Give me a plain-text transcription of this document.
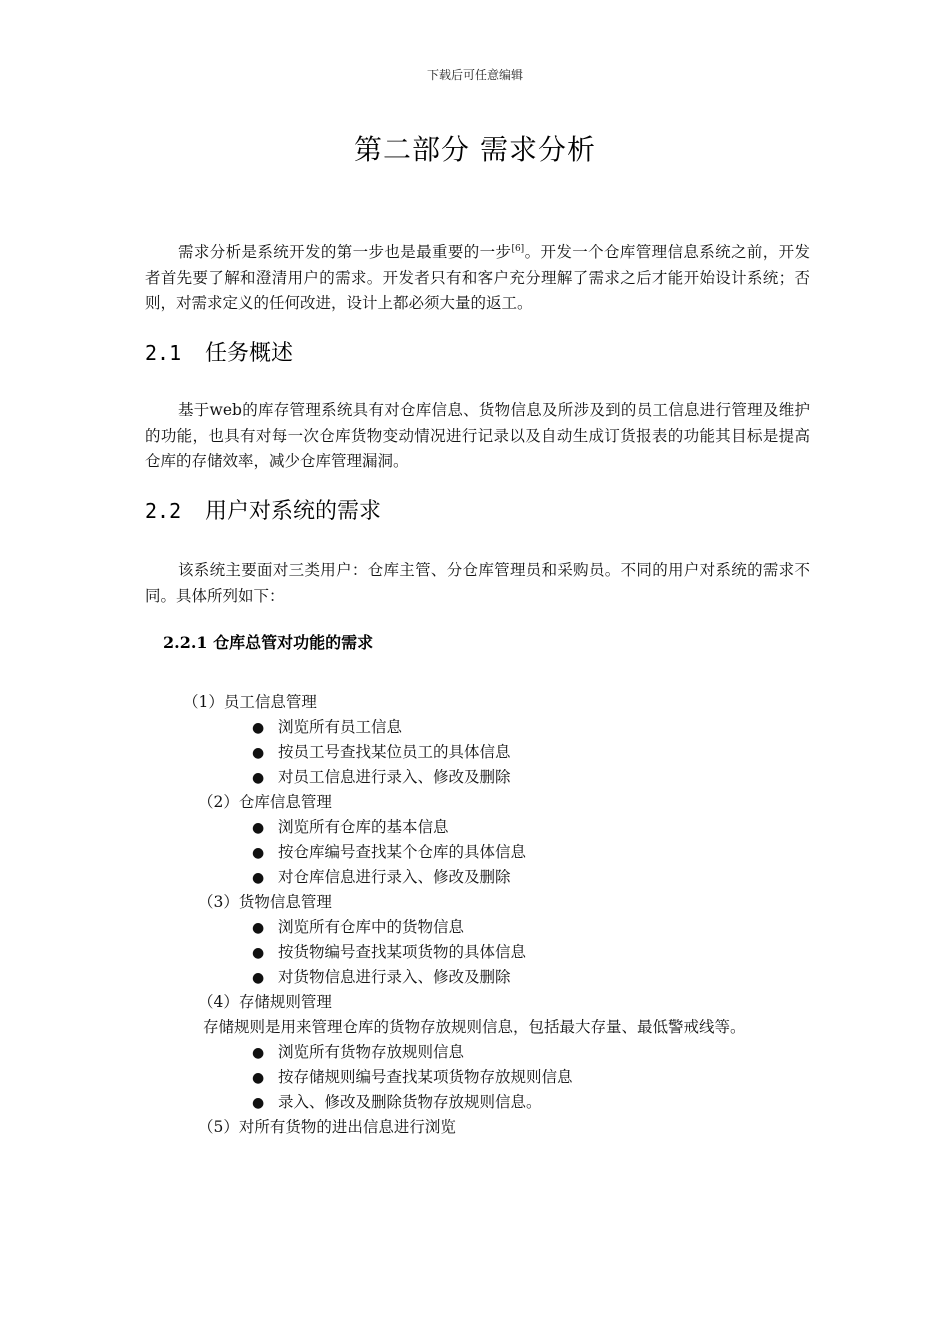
下载后可任意编辑
第二部分 需求分析

需求分析是系统开发的第一步也是最重要的一步[6]。开发一个仓库管理信息系统之前，开发者首先要了解和澄清用户的需求。开发者只有和客户充分理解了需求之后才能开始设计系统；否则，对需求定义的任何改进，设计上都必须大量的返工。

2.1 任务概述

基于web的库存管理系统具有对仓库信息、货物信息及所涉及到的员工信息进行管理及维护的功能，也具有对每一次仓库货物变动情况进行记录以及自动生成订货报表的功能其目标是提高仓库的存储效率，减少仓库管理漏洞。

2.2 用户对系统的需求

该系统主要面对三类用户：仓库主管、分仓库管理员和采购员。不同的用户对系统的需求不同。具体所列如下：

2.2.1 仓库总管对功能的需求
（1）员工信息管理
● 浏览所有员工信息
● 按员工号查找某位员工的具体信息
● 对员工信息进行录入、修改及删除
（2）仓库信息管理
● 浏览所有仓库的基本信息
● 按仓库编号查找某个仓库的具体信息
● 对仓库信息进行录入、修改及删除
（3）货物信息管理
● 浏览所有仓库中的货物信息
● 按货物编号查找某项货物的具体信息
● 对货物信息进行录入、修改及删除
（4）存储规则管理
存储规则是用来管理仓库的货物存放规则信息，包括最大存量、最低警戒线等。
● 浏览所有货物存放规则信息
● 按存储规则编号查找某项货物存放规则信息
● 录入、修改及删除货物存放规则信息。
（5）对所有货物的进出信息进行浏览
